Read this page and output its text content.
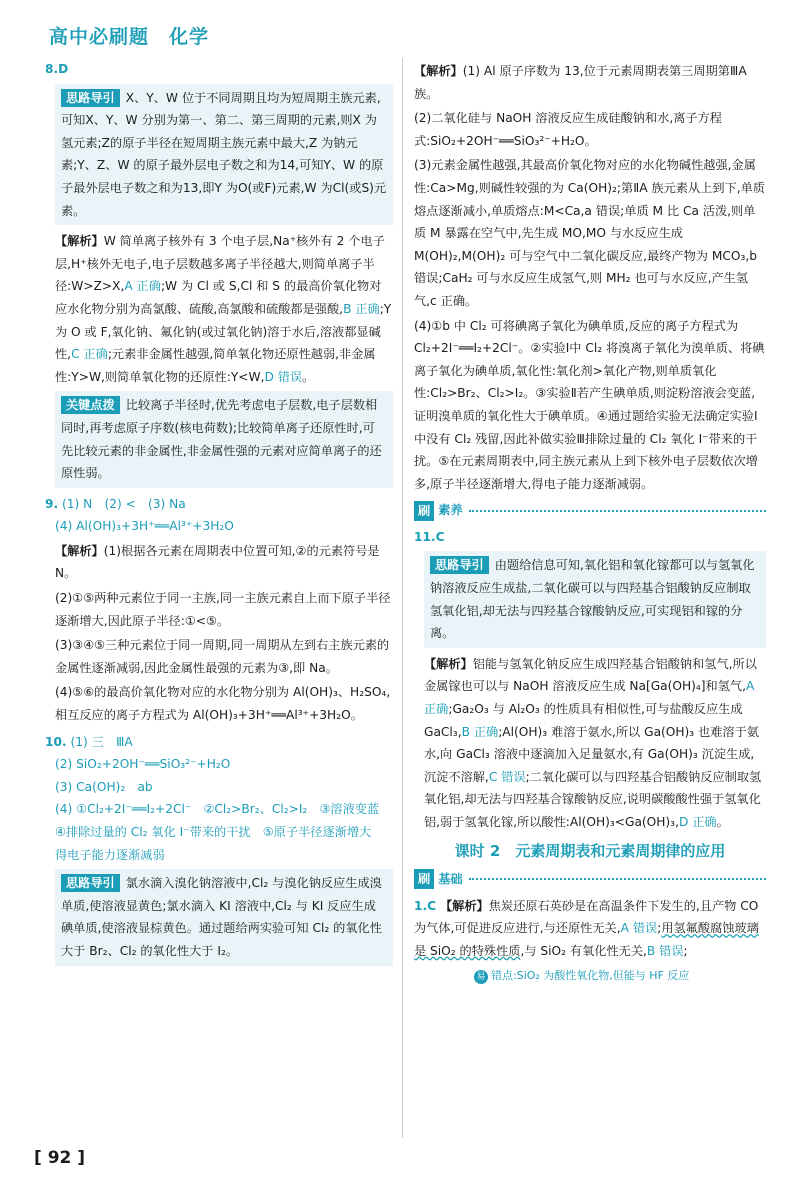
高中必刷题　化学
8.D
思路导引 X、Y、W 位于不同周期且均为短周期主族元素,可知X、Y、W 分别为第一、第二、第三周期的元素,则X 为氢元素;Z的原子半径在短周期主族元素中最大,Z 为钠元素;Y、Z、W 的原子最外层电子数之和为14,可知Y、W 的原子最外层电子数之和为13,即Y 为O(或F)元素,W 为Cl(或S)元素。
【解析】W 简单离子核外有 3 个电子层,Na⁺核外有 2 个电子层,H⁺核外无电子,电子层数越多离子半径越大,则简单离子半径:W>Z>X,A 正确;W 为 Cl 或 S,Cl 和 S 的最高价氧化物对应水化物分别为高氯酸、硫酸,高氯酸和硫酸都是强酸,B 正确;Y 为 O 或 F,氧化钠、氟化钠(或过氧化钠)溶于水后,溶液都显碱性,C 正确;元素非金属性越强,简单氧化物还原性越弱,非金属性:Y>W,则简单氧化物的还原性:Y<W,D 错误。
关键点拨 比较离子半径时,优先考虑电子层数,电子层数相同时,再考虑原子序数(核电荷数);比较简单离子还原性时,可先比较元素的非金属性,非金属性强的元素对应简单离子的还原性弱。
9. (1) N　(2) <　(3) Na
(4) Al(OH)₃+3H⁺══Al³⁺+3H₂O
【解析】(1)根据各元素在周期表中位置可知,②的元素符号是 N。
(2)①⑤两种元素位于同一主族,同一主族元素自上而下原子半径逐渐增大,因此原子半径:①<⑤。
(3)③④⑤三种元素位于同一周期,同一周期从左到右主族元素的金属性逐渐减弱,因此金属性最强的元素为③,即 Na。
(4)⑤⑥的最高价氧化物对应的水化物分别为 Al(OH)₃、H₂SO₄,相互反应的离子方程式为 Al(OH)₃+3H⁺══Al³⁺+3H₂O。
10. (1) 三　ⅢA
(2) SiO₂+2OH⁻══SiO₃²⁻+H₂O
(3) Ca(OH)₂　ab
(4) ①Cl₂+2I⁻══I₂+2Cl⁻　②Cl₂>Br₂、Cl₂>I₂　③溶液变蓝　④排除过量的 Cl₂ 氧化 I⁻带来的干扰　⑤原子半径逐渐增大　得电子能力逐渐减弱
思路导引 氯水滴入溴化钠溶液中,Cl₂ 与溴化钠反应生成溴单质,使溶液显黄色;氯水滴入 KI 溶液中,Cl₂ 与 KI 反应生成碘单质,使溶液显棕黄色。通过题给两实验可知 Cl₂ 的氧化性大于 Br₂、Cl₂ 的氧化性大于 I₂。
【解析】(1) Al 原子序数为 13,位于元素周期表第三周期第ⅢA 族。
(2)二氧化硅与 NaOH 溶液反应生成硅酸钠和水,离子方程式:SiO₂+2OH⁻══SiO₃²⁻+H₂O。
(3)元素金属性越强,其最高价氧化物对应的水化物碱性越强,金属性:Ca>Mg,则碱性较强的为 Ca(OH)₂;第ⅡA 族元素从上到下,单质熔点逐渐减小,单质熔点:M<Ca,a 错误;单质 M 比 Ca 活泼,则单质 M 暴露在空气中,先生成 MO,MO 与水反应生成 M(OH)₂,M(OH)₂ 可与空气中二氧化碳反应,最终产物为 MCO₃,b 错误;CaH₂ 可与水反应生成氢气,则 MH₂ 也可与水反应,产生氢气,c 正确。
(4)①b 中 Cl₂ 可将碘离子氧化为碘单质,反应的离子方程式为 Cl₂+2I⁻══I₂+2Cl⁻。②实验Ⅰ中 Cl₂ 将溴离子氧化为溴单质、将碘离子氧化为碘单质,氧化性:氧化剂>氧化产物,则单质氧化性:Cl₂>Br₂、Cl₂>I₂。③实验Ⅱ若产生碘单质,则淀粉溶液会变蓝,证明溴单质的氧化性大于碘单质。④通过题给实验无法确定实验Ⅰ中没有 Cl₂ 残留,因此补做实验Ⅲ排除过量的 Cl₂ 氧化 I⁻带来的干扰。⑤在元素周期表中,同主族元素从上到下核外电子层数依次增多,原子半径逐渐增大,得电子能力逐渐减弱。
刷 素养
11.C
思路导引 由题给信息可知,氧化铝和氧化镓都可以与氢氧化钠溶液反应生成盐,二氧化碳可以与四羟基合铝酸钠反应制取氢氧化铝,却无法与四羟基合镓酸钠反应,可实现铝和镓的分离。
【解析】铝能与氢氧化钠反应生成四羟基合铝酸钠和氢气,所以金属镓也可以与 NaOH 溶液反应生成 Na[Ga(OH)₄]和氢气,A 正确;Ga₂O₃ 与 Al₂O₃ 的性质具有相似性,可与盐酸反应生成 GaCl₃,B 正确;Al(OH)₃ 难溶于氨水,所以 Ga(OH)₃ 也难溶于氨水,向 GaCl₃ 溶液中逐滴加入足量氨水,有 Ga(OH)₃ 沉淀生成,沉淀不溶解,C 错误;二氧化碳可以与四羟基合铝酸钠反应制取氢氧化铝,却无法与四羟基合镓酸钠反应,说明碳酸酸性强于氢氧化铝,弱于氢氧化镓,所以酸性:Al(OH)₃<Ga(OH)₃,D 正确。
课时 2　元素周期表和元素周期律的应用
刷 基础
1.C 【解析】焦炭还原石英砂是在高温条件下发生的,且产物 CO 为气体,可促进反应进行,与还原性无关,A 错误;用氢氟酸腐蚀玻璃是 SiO₂ 的特殊性质,与 SiO₂ 有氧化性无关,B 错误;
易 错点:SiO₂ 为酸性氧化物,但能与 HF 反应
[ 92 ]
